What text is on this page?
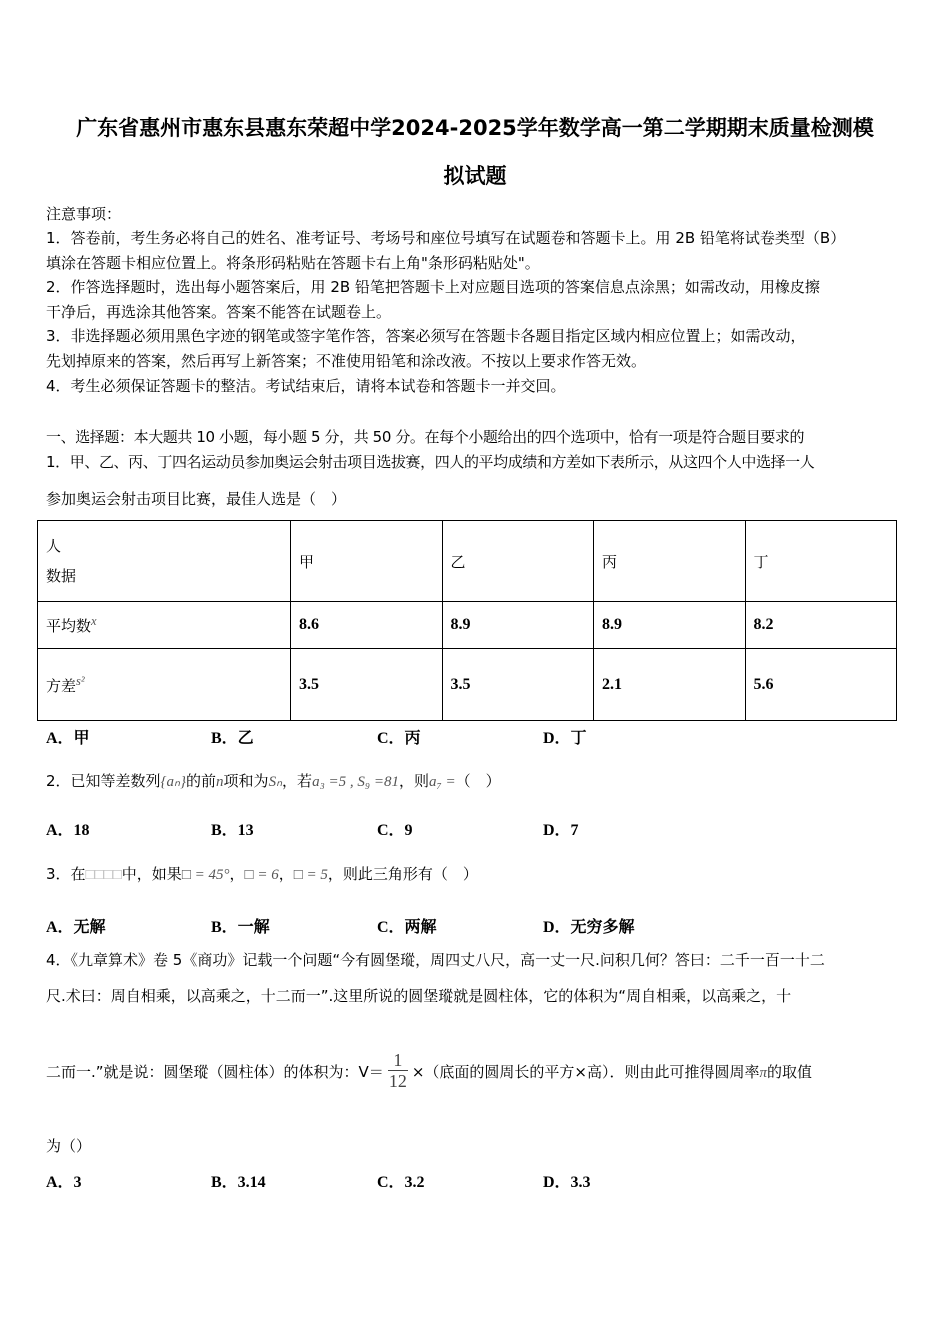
广东省惠州市惠东县惠东荣超中学2024-2025学年数学高一第二学期期末质量检测模
拟试题
注意事项：
1．答卷前，考生务必将自己的姓名、准考证号、考场号和座位号填写在试题卷和答题卡上。用 2B 铅笔将试卷类型（B）
填涂在答题卡相应位置上。将条形码粘贴在答题卡右上角"条形码粘贴处"。
2．作答选择题时，选出每小题答案后，用 2B 铅笔把答题卡上对应题目选项的答案信息点涂黑；如需改动，用橡皮擦
干净后，再选涂其他答案。答案不能答在试题卷上。
3．非选择题必须用黑色字迹的钢笔或签字笔作答，答案必须写在答题卡各题目指定区域内相应位置上；如需改动，
先划掉原来的答案，然后再写上新答案；不准使用铅笔和涂改液。不按以上要求作答无效。
4．考生必须保证答题卡的整洁。考试结束后，请将本试卷和答题卡一并交回。
一、选择题：本大题共 10 小题，每小题 5 分，共 50 分。在每个小题给出的四个选项中，恰有一项是符合题目要求的
1．甲、乙、丙、丁四名运动员参加奥运会射击项目选拔赛，四人的平均成绩和方差如下表所示，从这四个人中选择一人
参加奥运会射击项目比赛，最佳人选是（　）
人
数据	甲	乙	丙	丁
平均数$^x$	8.6	8.9	8.9	8.2
方差$^{s^2}$	3.5	3.5	2.1	5.6
A．甲	B．乙	C．丙	D．丁
2．已知等差数列{aₙ}的前n项和为Sₙ，若a₃ =5 , S₉ =81，则a₇ =（　）
A．18	B．13	C．9	D．7
3．在□□□□中，如果□ = 45°，□ = 6，□ = 5，则此三角形有（　）
A．无解	B．一解	C．两解	D．无穷多解
4．《九章算术》卷 5《商功》记载一个问题“今有圆堡瑽，周四丈八尺，高一丈一尺.问积几何？答曰：二千一百一十二
尺.术曰：周自相乘，以高乘之，十二而一”.这里所说的圆堡瑽就是圆柱体，它的体积为“周自相乘，以高乘之，十
二而一.”就是说：圆堡瑽（圆柱体）的体积为：$V= \frac{1}{12}$ ×（底面的圆周长的平方×高）．则由此可推得圆周率π的取值
为（）
A．3	B．3.14	C．3.2	D．3.3
